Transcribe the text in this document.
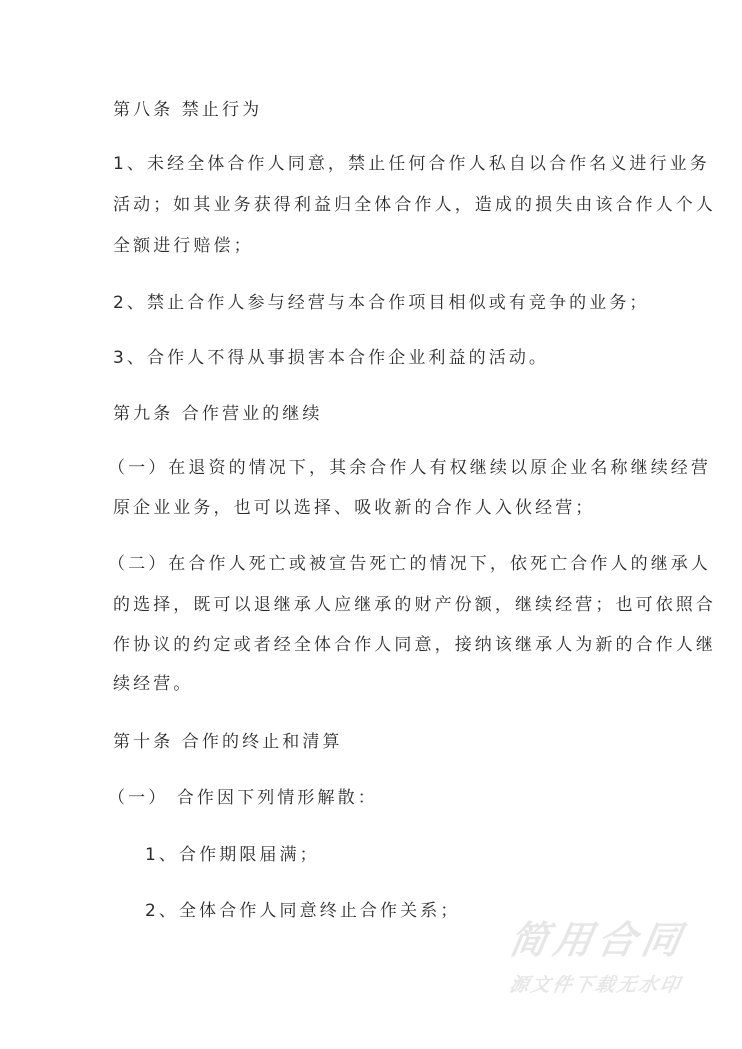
第八条 禁止行为
1、未经全体合作人同意，禁止任何合作人私自以合作名义进行业务
活动；如其业务获得利益归全体合作人，造成的损失由该合作人个人
全额进行赔偿；
2、禁止合作人参与经营与本合作项目相似或有竞争的业务；
3、合作人不得从事损害本合作企业利益的活动。
第九条 合作营业的继续
（一）在退资的情况下，其余合作人有权继续以原企业名称继续经营
原企业业务，也可以选择、吸收新的合作人入伙经营；
（二）在合作人死亡或被宣告死亡的情况下，依死亡合作人的继承人
的选择，既可以退继承人应继承的财产份额，继续经营；也可依照合
作协议的约定或者经全体合作人同意，接纳该继承人为新的合作人继
续经营。
第十条 合作的终止和清算
（一） 合作因下列情形解散：
1、合作期限届满；
2、全体合作人同意终止合作关系；
简用合同
源文件下载无水印
